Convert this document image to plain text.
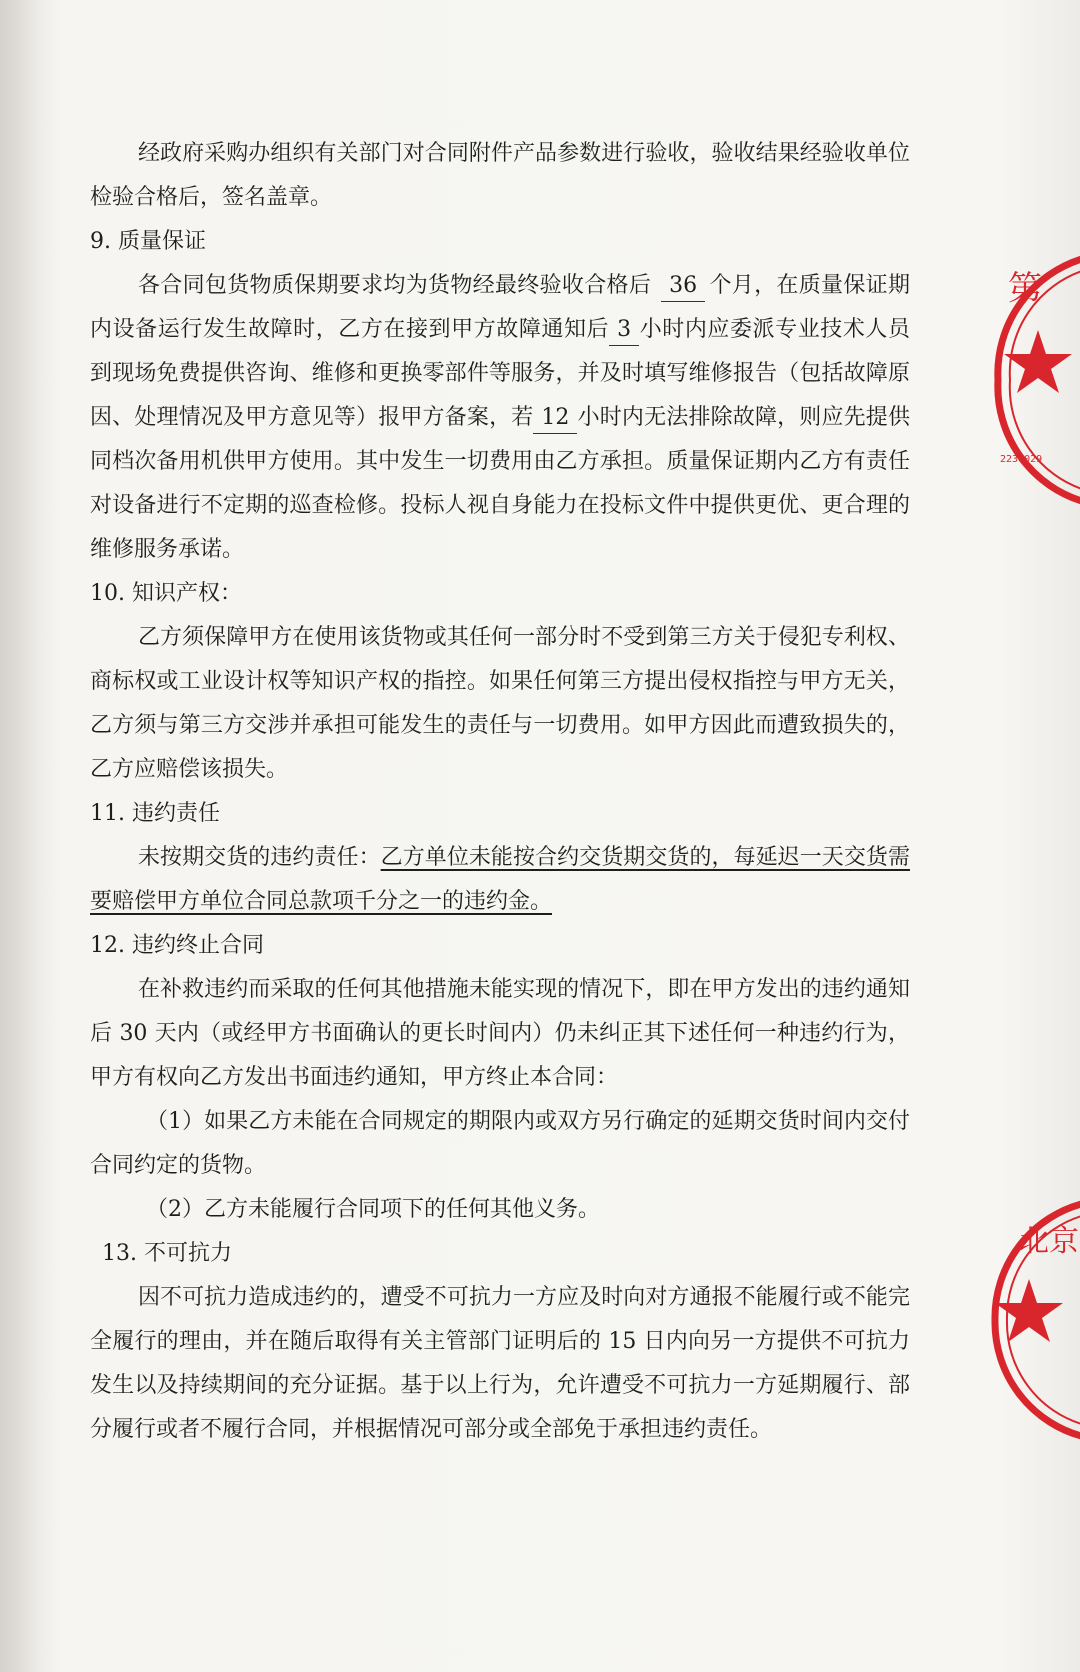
经政府采购办组织有关部门对合同附件产品参数进行验收，验收结果经验收单位检验合格后，签名盖章。

9. 质量保证

各合同包货物质保期要求均为货物经最终验收合格后 36 个月，在质量保证期内设备运行发生故障时，乙方在接到甲方故障通知后 3 小时内应委派专业技术人员到现场免费提供咨询、维修和更换零部件等服务，并及时填写维修报告（包括故障原因、处理情况及甲方意见等）报甲方备案，若 12 小时内无法排除故障，则应先提供同档次备用机供甲方使用。其中发生一切费用由乙方承担。质量保证期内乙方有责任对设备进行不定期的巡查检修。投标人视自身能力在投标文件中提供更优、更合理的维修服务承诺。

10. 知识产权：

乙方须保障甲方在使用该货物或其任何一部分时不受到第三方关于侵犯专利权、商标权或工业设计权等知识产权的指控。如果任何第三方提出侵权指控与甲方无关，乙方须与第三方交涉并承担可能发生的责任与一切费用。如甲方因此而遭致损失的，乙方应赔偿该损失。

11. 违约责任

未按期交货的违约责任：乙方单位未能按合约交货期交货的，每延迟一天交货需要赔偿甲方单位合同总款项千分之一的违约金。

12. 违约终止合同

在补救违约而采取的任何其他措施未能实现的情况下，即在甲方发出的违约通知后 30 天内（或经甲方书面确认的更长时间内）仍未纠正其下述任何一种违约行为，甲方有权向乙方发出书面违约通知，甲方终止本合同：

（1）如果乙方未能在合同规定的期限内或双方另行确定的延期交货时间内交付合同约定的货物。

（2）乙方未能履行合同项下的任何其他义务。

13. 不可抗力

因不可抗力造成违约的，遭受不可抗力一方应及时向对方通报不能履行或不能完全履行的理由，并在随后取得有关主管部门证明后的 15 日内向另一方提供不可抗力发生以及持续期间的充分证据。基于以上行为，允许遭受不可抗力一方延期履行、部分履行或者不履行合同，并根据情况可部分或全部免于承担违约责任。

第
2230029
北京
